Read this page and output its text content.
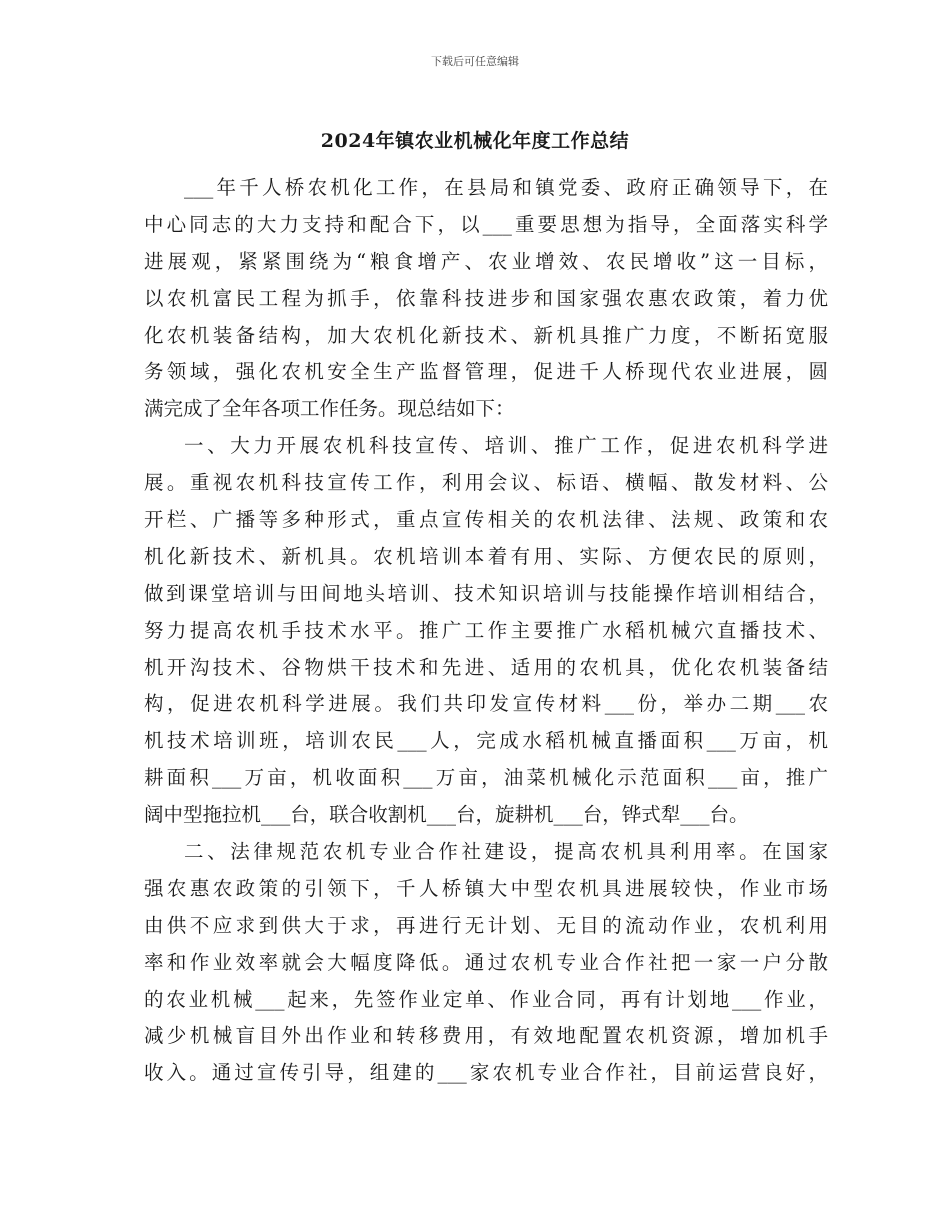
下载后可任意编辑
2024年镇农业机械化年度工作总结
___年千人桥农机化工作，在县局和镇党委、政府正确领导下，在
中心同志的大力支持和配合下，以___重要思想为指导，全面落实科学
进展观，紧紧围绕为“粮食增产、农业增效、农民增收”这一目标，
以农机富民工程为抓手，依靠科技进步和国家强农惠农政策，着力优
化农机装备结构，加大农机化新技术、新机具推广力度，不断拓宽服
务领域，强化农机安全生产监督管理，促进千人桥现代农业进展，圆
满完成了全年各项工作任务。现总结如下：
一、大力开展农机科技宣传、培训、推广工作，促进农机科学进
展。重视农机科技宣传工作，利用会议、标语、横幅、散发材料、公
开栏、广播等多种形式，重点宣传相关的农机法律、法规、政策和农
机化新技术、新机具。农机培训本着有用、实际、方便农民的原则，
做到课堂培训与田间地头培训、技术知识培训与技能操作培训相结合，
努力提高农机手技术水平。推广工作主要推广水稻机械穴直播技术、
机开沟技术、谷物烘干技术和先进、适用的农机具，优化农机装备结
构，促进农机科学进展。我们共印发宣传材料___份，举办二期___农
机技术培训班，培训农民___人，完成水稻机械直播面积___万亩，机
耕面积___万亩，机收面积___万亩，油菜机械化示范面积___亩，推广
阔中型拖拉机___台，联合收割机___台，旋耕机___台，铧式犁___台。
二、法律规范农机专业合作社建设，提高农机具利用率。在国家
强农惠农政策的引领下，千人桥镇大中型农机具进展较快，作业市场
由供不应求到供大于求，再进行无计划、无目的流动作业，农机利用
率和作业效率就会大幅度降低。通过农机专业合作社把一家一户分散
的农业机械___起来，先签作业定单、作业合同，再有计划地___作业，
减少机械盲目外出作业和转移费用，有效地配置农机资源，增加机手
收入。通过宣传引导，组建的___家农机专业合作社，目前运营良好，
